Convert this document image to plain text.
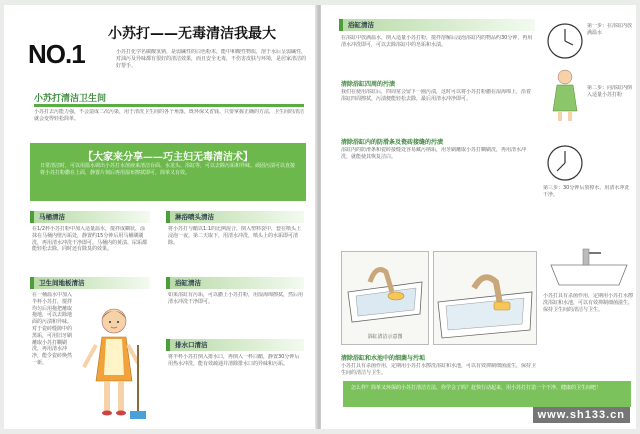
NO.1
小苏打——无毒清洁我最大
小苏打化学名碳酸氢钠，是弱碱性的白色粉末，能中和酸性物质，溶于水后呈弱碱性，对油污及异味都有很好的清洁效果，而且安全无毒，不伤害皮肤与环境，是居家清洁的好帮手。
小苏打清洁卫生间
小苏打去污能力强，不会造成二次污染，用于清洗卫生间的各个角落，既环保又省钱。只要掌握正确的方法，卫生间的清洁就会变得轻松简单。
【大家来分享——巧主妇无毒清洁术】
日常清洁时，可以用温水调出小苏打水溶液来清洁台面、水龙头、浴缸等，可以去除污垢和异味。顽固污渍可以直接将小苏打粉撒在上面，静置片刻后再用湿布擦拭即可，简单又有效。
马桶清洁
在1/2杯小苏打粉中加入适量温水，搅拌成糊状，涂抹在马桶内壁污垢处，静置约15分钟后用马桶刷刷洗，再用清水冲洗干净即可。马桶内的黄渍、尿垢都能轻松去除，同时还有除臭的效果。
卫生间地板清洁
在一桶温水中加入半杯小苏打，搅拌均匀后用拖把蘸取拖地，可以去除地面的污渍和异味。对于瓷砖缝隙中的黑垢，可用旧牙刷蘸取小苏打糊刷洗，再用清水冲净，能令瓷砖焕然一新。
淋浴喷头清洁
将小苏打与醋以1:1的比例混合，倒入塑料袋中，套在喷头上浸泡一夜。第二天取下，用清水冲洗，喷头上的水垢即可清除。
浴缸清洁
如果浴缸有污垢，可以撒上小苏打粉，用湿海绵擦拭，然后用清水冲洗干净即可。
排水口清洁
将半杯小苏打倒入排水口，再倒入一杯白醋，静置30分钟后用热水冲洗，能有效疏通并清除排水口的异味和污垢。
浴缸清洁
在浴缸中放满温水，倒入适量小苏打粉，搅拌溶解后浸泡浴缸内的物品约30分钟，再用清水冲洗即可，可以去除浴缸中的皂垢和水渍。
清除浴缸四周的污渍
我们在使用浴缸后，四周常会留下一圈污渍，这时可以将小苏打粉撒在湿海绵上，沿着浴缸四周擦拭，污渍便能轻松去除，最后用清水冲净即可。
清除浴缸内的防滑条及瓷砖接缝的污渍
浴缸内的防滑条和瓷砖接缝处容易藏污纳垢，用牙刷蘸取小苏打糊刷洗，再用清水冲洗，就能使其恢复洁白。
浴缸清洁示意图
清除浴缸和水池中的细菌与污垢
小苏打具有杀菌作用，定期用小苏打水擦洗浴缸和水池，可以有效抑制细菌滋生，保持卫生间的清洁与卫生。
第一步：在浴缸内放满温水
第二步：向浴缸内倒入适量小苏打粉
第三步：30分钟后放掉水，用清水冲洗干净。
小苏打具有杀菌作用，定期用小苏打水擦洗浴缸和水池，可以有效抑制细菌滋生，保持卫生间的清洁与卫生。
怎么样？简单又环保的小苏打清洁方法，你学会了吗？赶快行动起来，用小苏打打造一个干净、健康的卫生间吧！
www.sh133.cn
